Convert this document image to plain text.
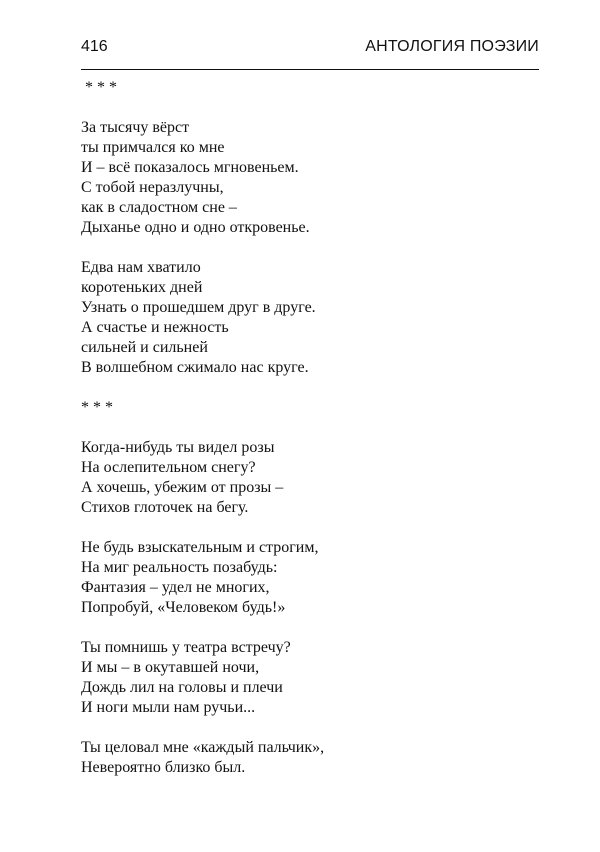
416	АНТОЛОГИЯ ПОЭЗИИ
* * *
За тысячу вёрст
ты примчался ко мне
И – всё показалось мгновеньем.
С тобой неразлучны,
как в сладостном сне –
Дыханье одно и одно откровенье.
Едва нам хватило
коротеньких дней
Узнать о прошедшем друг в друге.
А счастье и нежность
сильней и сильней
В волшебном сжимало нас круге.
* * *
Когда-нибудь ты видел розы
На ослепительном снегу?
А хочешь, убежим от прозы –
Стихов глоточек на бегу.
Не будь взыскательным и строгим,
На миг реальность позабудь:
Фантазия – удел не многих,
Попробуй, «Человеком будь!»
Ты помнишь у театра встречу?
И мы – в окутавшей ночи,
Дождь лил на головы и плечи
И ноги мыли нам ручьи...
Ты целовал мне «каждый пальчик»,
Невероятно близко был.
